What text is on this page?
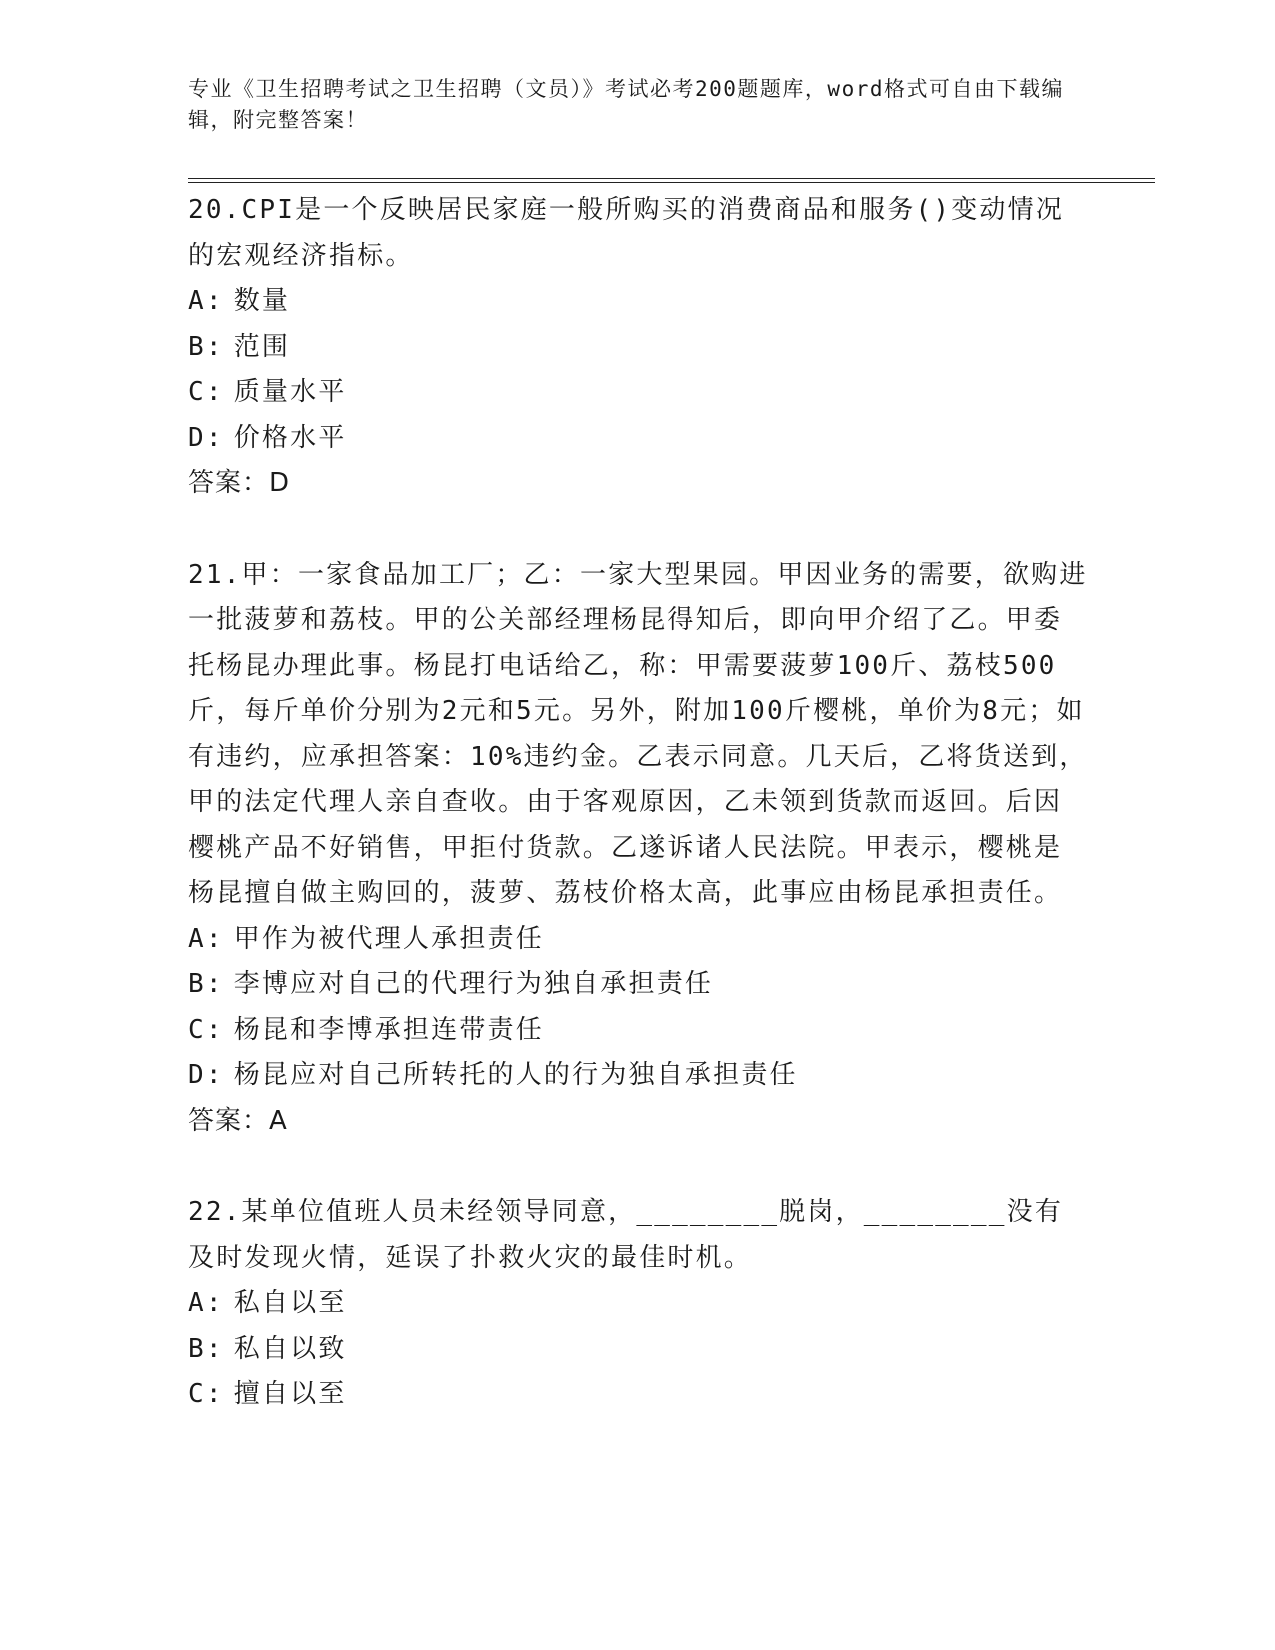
专业《卫生招聘考试之卫生招聘（文员）》考试必考200题题库，word格式可自由下载编辑，附完整答案！

20.CPI是一个反映居民家庭一般所购买的消费商品和服务()变动情况的宏观经济指标。

A: 数量
B: 范围
C: 质量水平
D: 价格水平
答案：D

21.甲：一家食品加工厂；乙：一家大型果园。甲因业务的需要，欲购进一批菠萝和荔枝。甲的公关部经理杨昆得知后，即向甲介绍了乙。甲委托杨昆办理此事。杨昆打电话给乙，称：甲需要菠萝100斤、荔枝500斤，每斤单价分别为2元和5元。另外，附加100斤樱桃，单价为8元；如有违约，应承担答案：10%违约金。乙表示同意。几天后，乙将货送到，甲的法定代理人亲自查收。由于客观原因，乙未领到货款而返回。后因樱桃产品不好销售，甲拒付货款。乙遂诉诸人民法院。甲表示，樱桃是杨昆擅自做主购回的，菠萝、荔枝价格太高，此事应由杨昆承担责任。

A: 甲作为被代理人承担责任
B: 李博应对自己的代理行为独自承担责任
C: 杨昆和李博承担连带责任
D: 杨昆应对自己所转托的人的行为独自承担责任
答案：A

22.某单位值班人员未经领导同意，________脱岗，________没有及时发现火情，延误了扑救火灾的最佳时机。

A: 私自以至
B: 私自以致
C: 擅自以至
